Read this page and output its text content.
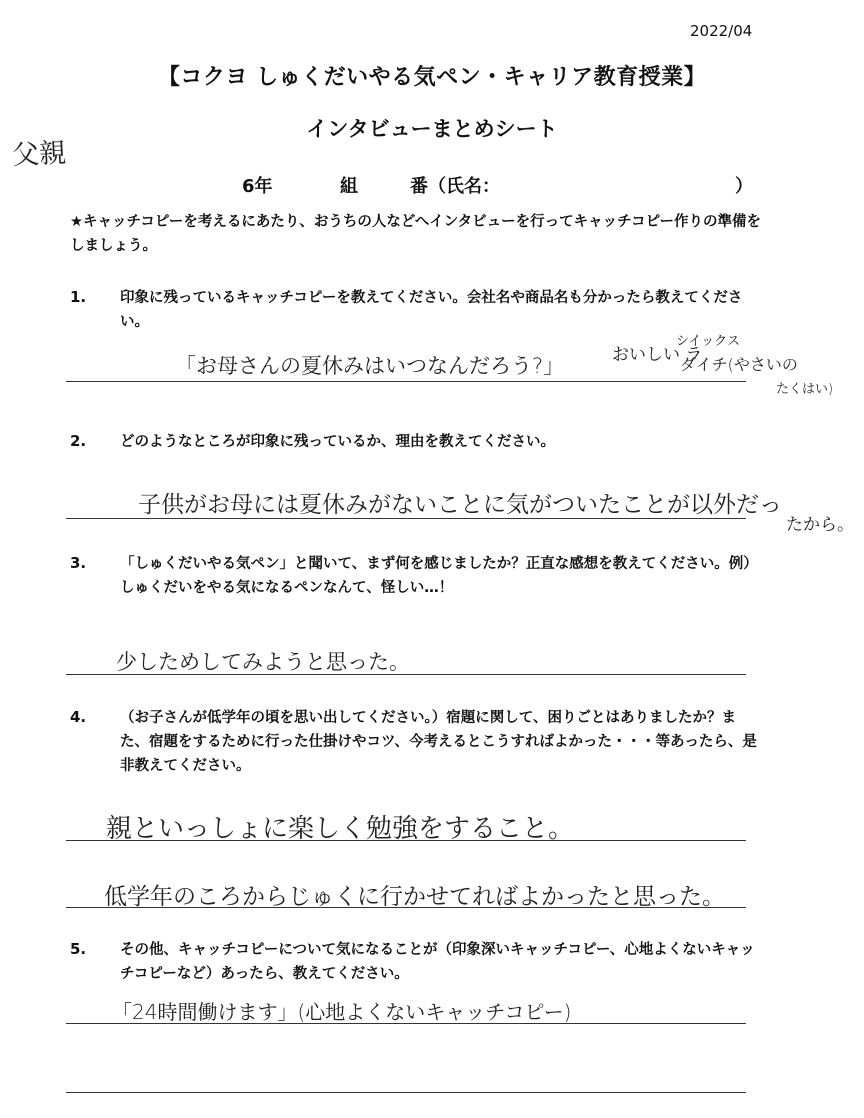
2022/04
【コクヨ しゅくだいやる気ペン・キャリア教育授業】
インタビューまとめシート
父親
6年	組	番（氏名：	）
★キャッチコピーを考えるにあたり、おうちの人などへインタビューを行ってキャッチコピー作りの準備をしましょう。
1. 印象に残っているキャッチコピーを教えてください。会社名や商品名も分かったら教えてください。
「お母さんの夏休みはいつなんだろう?」	おいしい ラ
シイックス
ダイチ(やさいの
たくはい)
2. どのようなところが印象に残っているか、理由を教えてください。
子供がお母には夏休みがないことに気がついたことが以外だっ
たから。
3. 「しゅくだいやる気ペン」と聞いて、まず何を感じましたか？正直な感想を教えてください。例）しゅくだいをやる気になるペンなんて、怪しい…！
少しためしてみようと思った。
4. （お子さんが低学年の頃を思い出してください。）宿題に関して、困りごとはありましたか？また、宿題をするために行った仕掛けやコツ、今考えるとこうすればよかった・・・等あったら、是非教えてください。
親といっしょに楽しく勉強をすること。
低学年のころからじゅくに行かせてればよかったと思った。
5. その他、キャッチコピーについて気になることが（印象深いキャッチコピー、心地よくないキャッチコピーなど）あったら、教えてください。
「24時間働けます」(心地よくないキャッチコピー)
